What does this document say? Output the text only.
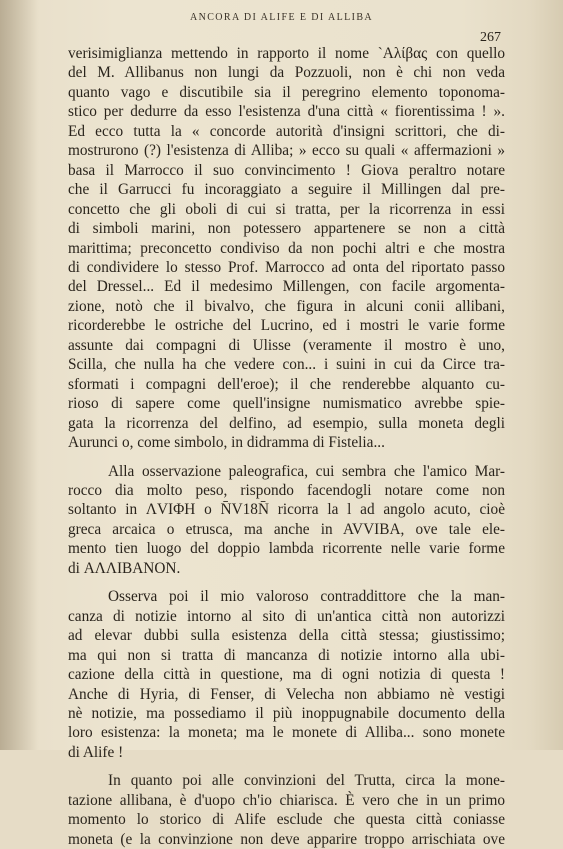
ANCORA DI ALIFE E DI ALLIBA
267

verisimiglianza mettendo in rapporto il nome `Αλίβας con quello
del M. Allibanus non lungi da Pozzuoli, non è chi non veda
quanto vago e discutibile sia il peregrino elemento toponoma-
stico per dedurre da esso l'esistenza d'una città « fiorentissima ! ».
Ed ecco tutta la « concorde autorità d'insigni scrittori, che di-
mostrurono (?) l'esistenza di Alliba; » ecco su quali « affermazioni »
basa il Marrocco il suo convincimento ! Giova peraltro notare
che il Garrucci fu incoraggiato a seguire il Millingen dal pre-
concetto che gli oboli di cui si tratta, per la ricorrenza in essi
di simboli marini, non potessero appartenere se non a città
marittima; preconcetto condiviso da non pochi altri e che mostra
di condividere lo stesso Prof. Marrocco ad onta del riportato passo
del Dressel... Ed il medesimo Millengen, con facile argomenta-
zione, notò che il bivalvo, che figura in alcuni conii allibani,
ricorderebbe le ostriche del Lucrino, ed i mostri le varie forme
assunte dai compagni di Ulisse (veramente il mostro è uno,
Scilla, che nulla ha che vedere con... i suini in cui da Circe tra-
sformati i compagni dell'eroe); il che renderebbe alquanto cu-
rioso di sapere come quell'insigne numismatico avrebbe spie-
gata la ricorrenza del delfino, ad esempio, sulla moneta degli
Aurunci o, come simbolo, in didramma di Fistelia...

Alla osservazione paleografica, cui sembra che l'amico Mar-
rocco dia molto peso, rispondo facendogli notare come non
soltanto in ΛVIΦH o N̄V18N̄ ricorra la l ad angolo acuto, cioè
greca arcaica o etrusca, ma anche in AVVIBA, ove tale ele-
mento tien luogo del doppio lambda ricorrente nelle varie forme
di ΑΛΛΙΒΑΝΟΝ.

Osserva poi il mio valoroso contraddittore che la man-
canza di notizie intorno al sito di un'antica città non autorizzi
ad elevar dubbi sulla esistenza della città stessa; giustissimo;
ma qui non si tratta di mancanza di notizie intorno alla ubi-
cazione della città in questione, ma di ogni notizia di questa !
Anche di Hyria, di Fenser, di Velecha non abbiamo nè vestigi
nè notizie, ma possediamo il più inoppugnabile documento della
loro esistenza: la moneta; ma le monete di Alliba... sono monete
di Alife !

In quanto poi alle convinzioni del Trutta, circa la mone-
tazione allibana, è d'uopo ch'io chiarisca. È vero che in un primo
momento lo storico di Alife esclude che questa città coniasse
moneta (e la convinzione non deve apparire troppo arrischiata ove
